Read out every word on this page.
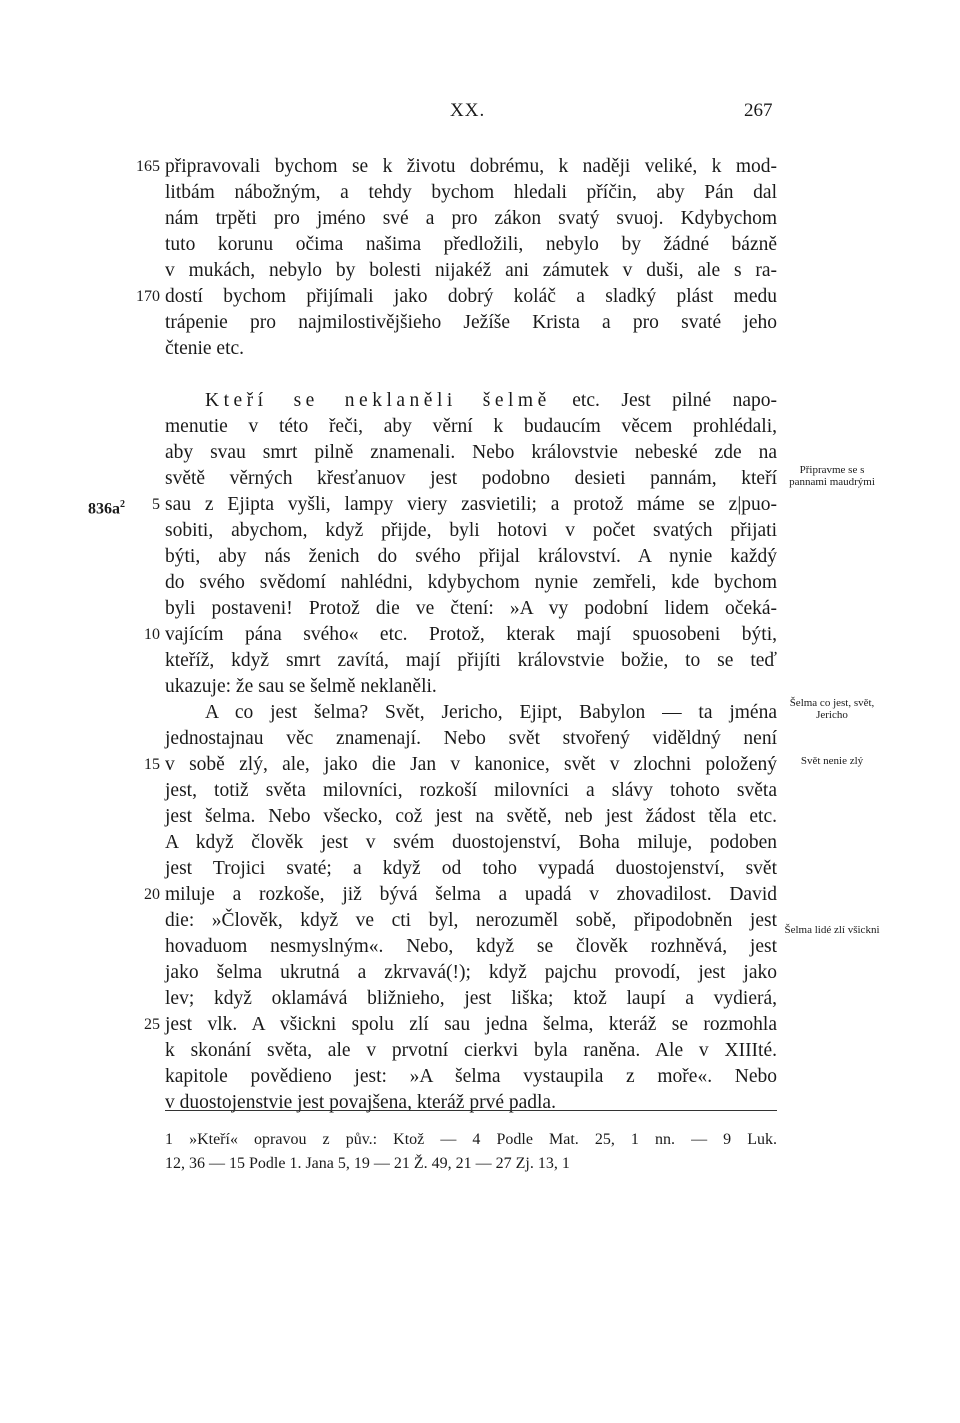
XX.	267
165 připravovali bychom se k životu dobrému, k naději veliké, k mod-
litbám nábožným, a tehdy bychom hledali příčin, aby Pán dal
nám trpěti pro jméno své a pro zákon svatý svuoj. Kdybychom
tuto korunu očima našima předložili, nebylo by žádné bázně
v mukách, nebylo by bolesti nijakéž ani zámutek v duši, ale s ra-
170 dostí bychom přijímali jako dobrý koláč a sladký plást medu
trápenie pro najmilostivějšieho Ježíše Krista a pro svaté jeho
čtenie etc.
Kteří se neklaněli šelmě etc. Jest pilné napo-
menutie v této řeči, aby věrní k budaucím věcem prohlédali,
aby svau smrt pilně znamenali. Nebo královstvie nebeské zde na
světě věrných křesťanuov jest podobno desieti pannám, kteří
$836a^2$	5 sau z Ejipta vyšli, lampy viery zasvietili; a protož máme se z|puo-
sobiti, abychom, když přijde, byli hotovi v počet svatých přijati
býti, aby nás ženich do svého přijal království. A nynie každý
do svého svědomí nahlédni, kdybychom nynie zemřeli, kde bychom
byli postaveni! Protož die ve čtení: »A vy podobní lidem očeká-
10 vajícím pána svého« etc. Protož, kterak mají spuosobeni býti,
kteříž, když smrt zavítá, mají přijíti královstvie božie, to se teď
ukazuje: že sau se šelmě neklaněli.
A co jest šelma? Svět, Jericho, Ejipt, Babylon — ta jména
jednostajnau věc znamenají. Nebo svět stvořený viděldný není
15 v sobě zlý, ale, jako die Jan v kanonice, svět v zlochni položený
jest, totiž světa milovníci, rozkoší milovníci a slávy tohoto světa
jest šelma. Nebo všecko, což jest na světě, neb jest žádost těla etc.
A když člověk jest v svém duostojenství, Boha miluje, podoben
jest Trojici svaté; a když od toho vypadá duostojenství, svět
20 miluje a rozkoše, již bývá šelma a upadá v zhovadilost. David
die: »Člověk, když ve cti byl, nerozuměl sobě, připodobněn jest
hovaduom nesmyslným«. Nebo, když se člověk rozhněvá, jest
jako šelma ukrutná a zkrvavá(!); když pajchu provodí, jest jako
lev; když oklamává bližnieho, jest liška; ktož laupí a vydierá,
25 jest vlk. A všickni spolu zlí sau jedna šelma, kteráž se rozmohla
k skonání světa, ale v prvotní cierkvi byla raněna. Ale v XIIIté.
kapitole povědieno jest: »A šelma vystaupila z moře«. Nebo
v duostojenstvie jest povajšena, kteráž prvé padla.
Připravme se s pannami maudrými
Šelma co jest, svět, Jericho
Svět nenie zlý
Šelma lidé zlí všickni
1 »Kteří« opravou z pův.: Ktož — 4 Podle Mat. 25, 1 nn. — 9 Luk.
12, 36 — 15 Podle 1. Jana 5, 19 — 21 Ž. 49, 21 — 27 Zj. 13, 1
